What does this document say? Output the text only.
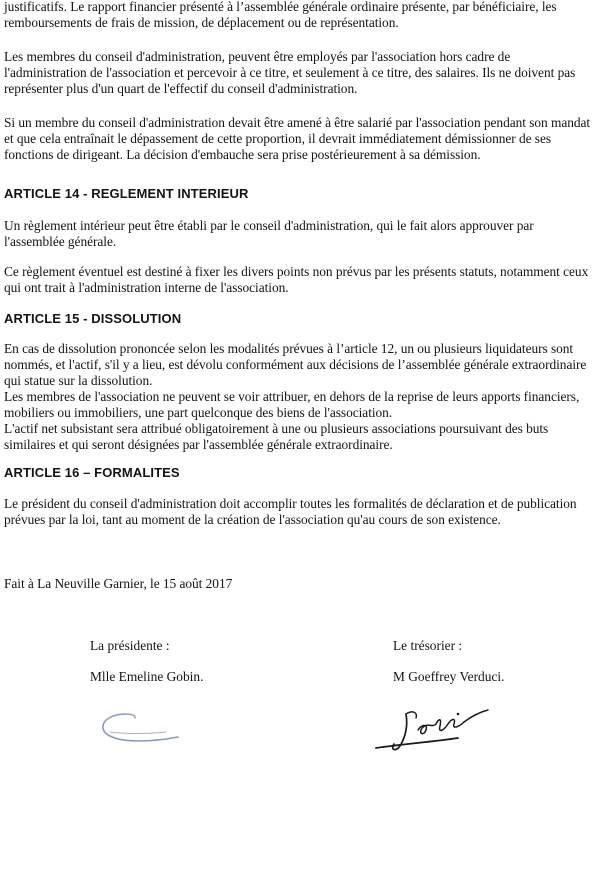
justificatifs. Le rapport financier présenté à l’assemblée générale ordinaire présente, par bénéficiaire, les remboursements de frais de mission, de déplacement ou de représentation.

Les membres du conseil d'administration, peuvent être employés par l'association hors cadre de l'administration de l'association et percevoir à ce titre, et seulement à ce titre, des salaires. Ils ne doivent pas représenter plus d'un quart de l'effectif du conseil d'administration.

Si un membre du conseil d'administration devait être amené à être salarié par l'association pendant son mandat et que cela entraînait le dépassement de cette proportion, il devrait immédiatement démissionner de ses fonctions de dirigeant. La décision d'embauche sera prise postérieurement à sa démission.

ARTICLE 14 - REGLEMENT INTERIEUR

Un règlement intérieur peut être établi par le conseil d'administration, qui le fait alors approuver par l'assemblée générale.

Ce règlement éventuel est destiné à fixer les divers points non prévus par les présents statuts, notamment ceux qui ont trait à l'administration interne de l'association.

ARTICLE 15 - DISSOLUTION

En cas de dissolution prononcée selon les modalités prévues à l’article 12, un ou plusieurs liquidateurs sont nommés, et l'actif, s'il y a lieu, est dévolu conformément aux décisions de l’assemblée générale extraordinaire qui statue sur la dissolution.

Les membres de l'association ne peuvent se voir attribuer, en dehors de la reprise de leurs apports financiers, mobiliers ou immobiliers, une part quelconque des biens de l'association.

L'actif net subsistant sera attribué obligatoirement à une ou plusieurs associations poursuivant des buts similaires et qui seront désignées par l'assemblée générale extraordinaire.

ARTICLE 16 – FORMALITES

Le président du conseil d'administration doit accomplir toutes les formalités de déclaration et de publication prévues par la loi, tant au moment de la création de l'association qu'au cours de son existence.

Fait à La Neuville Garnier, le 15 août 2017

La présidente :

Mlle Emeline Gobin.

Le trésorier :

M Goeffrey Verduci.
